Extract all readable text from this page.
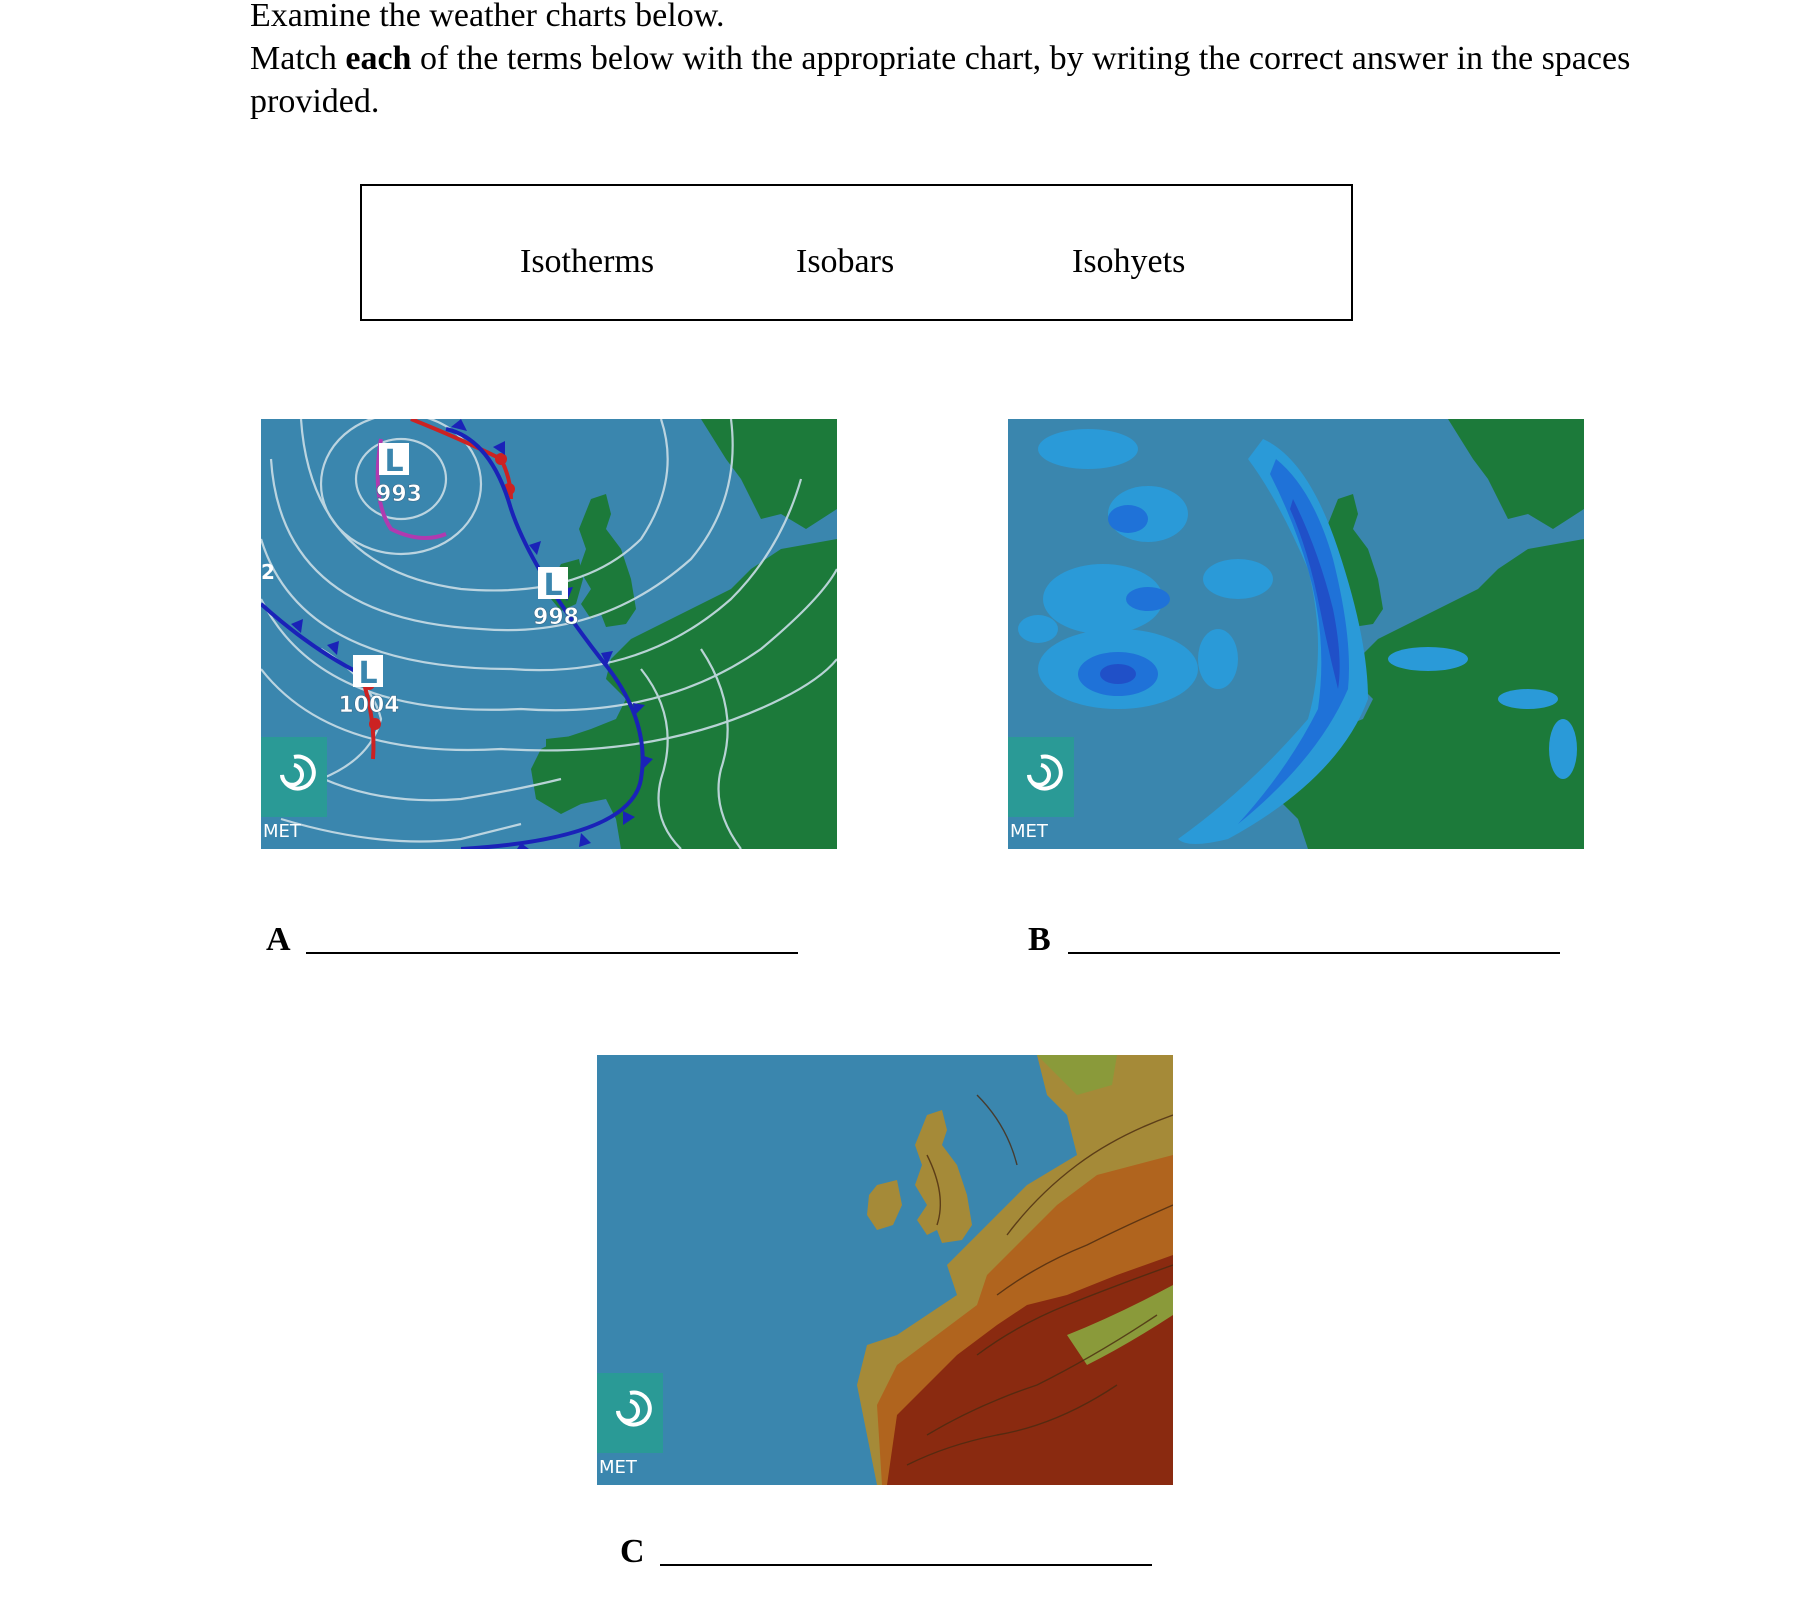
Examine the weather charts below.

Match each of the terms below with the appropriate chart, by writing the correct answer in the spaces provided.

Isotherms	Isobars	Isohyets
L
993
L
998
L
1004
2
MET	MET
MET
A	B
C
